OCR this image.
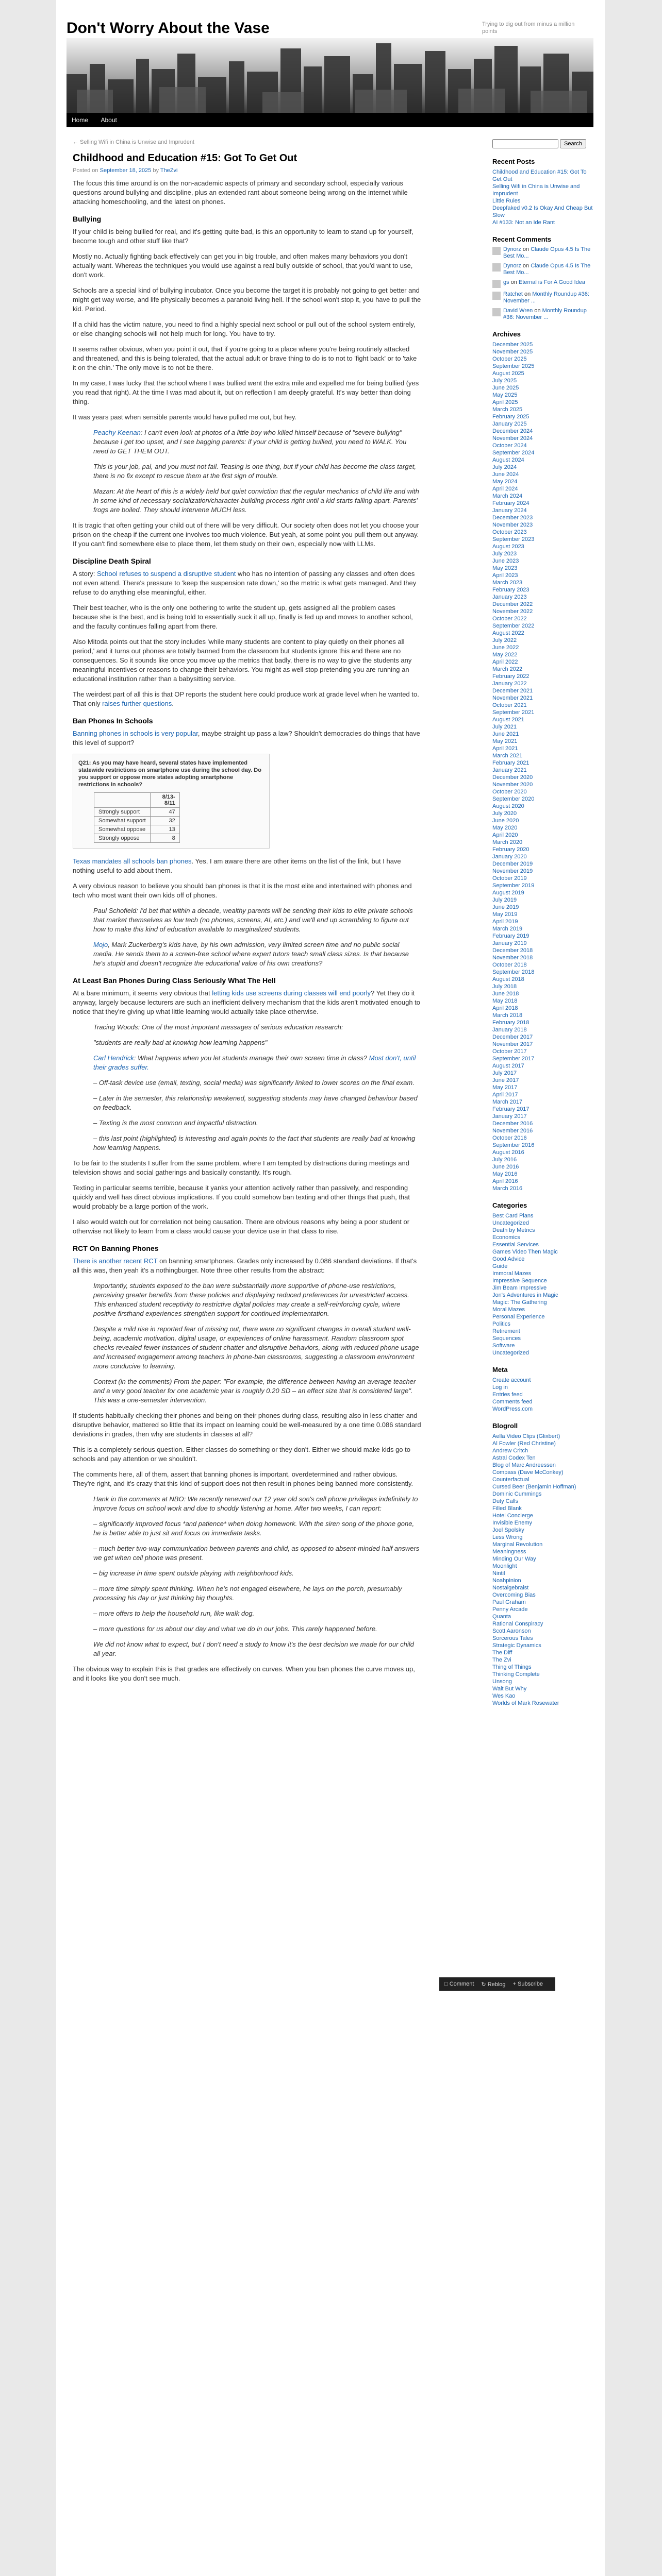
Don't Worry About the Vase	Trying to dig out from minus a million points
Home About
← Selling Wifi in China is Unwise and Imprudent
Childhood and Education #15: Got To Get Out
Posted on September 18, 2025 by TheZvi

The focus this time around is on the non-academic aspects of primary and secondary school, especially various questions around bullying and discipline, plus an extended rant about someone being wrong on the internet while attacking homeschooling, and the latest on phones.

Bullying

If your child is being bullied for real, and it's getting quite bad, is this an opportunity to learn to stand up for yourself, become tough and other stuff like that?

Mostly no. Actually fighting back effectively can get you in big trouble, and often makes many behaviors you don't actually want. Whereas the techniques you would use against a real bully outside of school, that you'd want to use, don't work.

Schools are a special kind of bullying incubator. Once you become the target it is probably not going to get better and might get way worse, and life physically becomes a paranoid living hell. If the school won't stop it, you have to pull the kid. Period.

If a child has the victim nature, you need to find a highly special next school or pull out of the school system entirely, or else changing schools will not help much for long. You have to try.

It seems rather obvious, when you point it out, that if you're going to a place where you're being routinely attacked and threatened, and this is being tolerated, that the actual adult or brave thing to do is to not to 'fight back' or to 'take it on the chin.' The only move is to not be there.

In my case, I was lucky that the school where I was bullied went the extra mile and expelled me for being bullied (yes you read that right). At the time I was mad about it, but on reflection I am deeply grateful. It's way better than doing thing.

It was years past when sensible parents would have pulled me out, but hey.

Peachy Keenan: I can't even look at photos of a little boy who killed himself because of "severe bullying" because I get too upset, and I see bagging parents: if your child is getting bullied, you need to WALK. You need to GET THEM OUT.

This is your job, pal, and you must not fail. Teasing is one thing, but if your child has become the class target, there is no fix except to rescue them at the first sign of trouble.

Mazan: At the heart of this is a widely held but quiet conviction that the regular mechanics of child life and with in some kind of necessary socialization/character-building process right until a kid starts falling apart. Parents' frogs are boiled. They should intervene MUCH less.

It is tragic that often getting your child out of there will be very difficult. Our society often does not let you choose your prison on the cheap if the current one involves too much violence. But yeah, at some point you pull them out anyway. If you can't find somewhere else to place them, let them study on their own, especially now with LLMs.

Discipline Death Spiral

A story: School refuses to suspend a disruptive student who has no intention of passing any classes and often does not even attend. There's pressure to 'keep the suspension rate down,' so the metric is what gets managed. And they refuse to do anything else meaningful, either.

Their best teacher, who is the only one bothering to write the student up, gets assigned all the problem cases because she is the best, and is being told to essentially suck it all up, finally is fed up and moves to another school, and the faculty continues falling apart from there.

Also Mitoda points out that the story includes 'while many students are content to play quietly on their phones all period,' and it turns out phones are totally banned from the classroom but students ignore this and there are no consequences. So it sounds like once you move up the metrics that badly, there is no way to give the students any meaningful incentives or reasons to change their behaviors. You might as well stop pretending you are running an educational institution rather than a babysitting service.

The weirdest part of all this is that OP reports the student here could produce work at grade level when he wanted to. That only raises further questions.

Ban Phones In Schools

Banning phones in schools is very popular, maybe straight up pass a law? Shouldn't democracies do things that have this level of support?

Q21: As you may have heard, several states have implemented statewide restrictions on smartphone use during the school day. Do you support or oppose more states adopting smartphone restrictions in schools?
	8/13-8/11
Strongly support	47
Somewhat support	32
Somewhat oppose	13
Strongly oppose	8

Texas mandates all schools ban phones. Yes, I am aware there are other items on the list of the link, but I have nothing useful to add about them.

A very obvious reason to believe you should ban phones is that it is the most elite and intertwined with phones and tech who most want their own kids off of phones.

Paul Schofield: I'd bet that within a decade, wealthy parents will be sending their kids to elite private schools that market themselves as low tech (no phones, screens, AI, etc.) and we'll end up scrambling to figure out how to make this kind of education available to marginalized students.

Mojo, Mark Zuckerberg's kids have, by his own admission, very limited screen time and no public social media. He sends them to a screen-free school where expert tutors teach small class sizes. Is that because he's stupid and doesn't recognize the educational value of his own creations?

At Least Ban Phones During Class Seriously What The Hell

At a bare minimum, it seems very obvious that letting kids use screens during classes will end poorly? Yet they do it anyway, largely because lecturers are such an inefficient delivery mechanism that the kids aren't motivated enough to notice that they're giving up what little learning would actually take place otherwise.

Tracing Woods: One of the most important messages of serious education research:

"students are really bad at knowing how learning happens"

Carl Hendrick: What happens when you let students manage their own screen time in class? Most don't, until their grades suffer.

– Off-task device use (email, texting, social media) was significantly linked to lower scores on the final exam.

– Later in the semester, this relationship weakened, suggesting students may have changed behaviour based on feedback.

– Texting is the most common and impactful distraction.

– this last point (highlighted) is interesting and again points to the fact that students are really bad at knowing how learning happens.

To be fair to the students I suffer from the same problem, where I am tempted by distractions during meetings and television shows and social gatherings and basically constantly. It's rough.

Texting in particular seems terrible, because it yanks your attention actively rather than passively, and responding quickly and well has direct obvious implications. If you could somehow ban texting and other things that push, that would probably be a large portion of the work.

I also would watch out for correlation not being causation. There are obvious reasons why being a poor student or otherwise not likely to learn from a class would cause your device use in that class to rise.

RCT On Banning Phones

There is another recent RCT on banning smartphones. Grades only increased by 0.086 standard deviations. If that's all this was, then yeah it's a nothingburger. Note three other results from the abstract:

Importantly, students exposed to the ban were substantially more supportive of phone-use restrictions, perceiving greater benefits from these policies and displaying reduced preferences for unrestricted access. This enhanced student receptivity to restrictive digital policies may create a self-reinforcing cycle, where positive firsthand experiences strengthen support for continued implementation.

Despite a mild rise in reported fear of missing out, there were no significant changes in overall student well-being, academic motivation, digital usage, or experiences of online harassment. Random classroom spot checks revealed fewer instances of student chatter and disruptive behaviors, along with reduced phone usage and increased engagement among teachers in phone-ban classrooms, suggesting a classroom environment more conducive to learning.

Context (in the comments) From the paper: "For example, the difference between having an average teacher and a very good teacher for one academic year is roughly 0.20 SD – an effect size that is considered large". This was a one-semester intervention.

If students habitually checking their phones and being on their phones during class, resulting also in less chatter and disruptive behavior, mattered so little that its impact on learning could be well-measured by a one time 0.086 standard deviations in grades, then why are students in classes at all?

This is a completely serious question. Either classes do something or they don't. Either we should make kids go to schools and pay attention or we shouldn't.

The comments here, all of them, assert that banning phones is important, overdetermined and rather obvious. They're right, and it's crazy that this kind of support does not then result in phones being banned more consistently.

Hank in the comments at NBO: We recently renewed our 12 year old son's cell phone privileges indefinitely to improve focus on school work and due to shoddy listening at home. After two weeks, I can report:

– significantly improved focus *and patience* when doing homework. With the siren song of the phone gone, he is better able to just sit and focus on immediate tasks.

– much better two-way communication between parents and child, as opposed to absent-minded half answers we get when cell phone was present.

– big increase in time spent outside playing with neighborhood kids.

– more time simply spent thinking. When he's not engaged elsewhere, he lays on the porch, presumably processing his day or just thinking big thoughts.

– more offers to help the household run, like walk dog.

– more questions for us about our day and what we do in our jobs. This rarely happened before.

We did not know what to expect, but I don't need a study to know it's the best decision we made for our child all year.

The obvious way to explain this is that grades are effectively on curves. When you ban phones the curve moves up, and it looks like you don't see much.

Search
Recent Posts
Childhood and Education #15: Got To Get Out
Selling Wifi in China is Unwise and Imprudent
Little Rules
Deepfaked v0.2 Is Okay And Cheap But Slow
AI #133: Not an Ide Rant
Recent Comments
Dynorz on Claude Opus 4.5 Is The Best Mo...
Dynorz on Claude Opus 4.5 Is The Best Mo...
gs on Eternal is For A Good Idea
Ratchet on Monthly Roundup #36: November ...
David Wren on Monthly Roundup #36: November ...
Archives
December 2025
November 2025
October 2025
September 2025
August 2025
July 2025
June 2025
May 2025
April 2025
March 2025
February 2025
January 2025
December 2024
November 2024
October 2024
September 2024
August 2024
July 2024
June 2024
May 2024
April 2024
March 2024
February 2024
January 2024
December 2023
November 2023
October 2023
September 2023
August 2023
July 2023
June 2023
May 2023
April 2023
March 2023
February 2023
January 2023
December 2022
November 2022
October 2022
September 2022
August 2022
July 2022
June 2022
May 2022
April 2022
March 2022
February 2022
January 2022
December 2021
November 2021
October 2021
September 2021
August 2021
July 2021
June 2021
May 2021
April 2021
March 2021
February 2021
January 2021
December 2020
November 2020
October 2020
September 2020
August 2020
July 2020
June 2020
May 2020
April 2020
March 2020
February 2020
January 2020
December 2019
November 2019
October 2019
September 2019
August 2019
July 2019
June 2019
May 2019
April 2019
March 2019
February 2019
January 2019
December 2018
November 2018
October 2018
September 2018
August 2018
July 2018
June 2018
May 2018
April 2018
March 2018
February 2018
January 2018
December 2017
November 2017
October 2017
September 2017
August 2017
July 2017
June 2017
May 2017
April 2017
March 2017
February 2017
January 2017
December 2016
November 2016
October 2016
September 2016
August 2016
July 2016
June 2016
May 2016
April 2016
March 2016
Categories
Best Card Plans
Uncategorized
Death by Metrics
Economics
Essential Services
Games Video Then Magic
Good Advice
Guide
Immoral Mazes
Impressive Sequence
Jim Beam Impressive
Jon's Adventures in Magic
Magic: The Gathering
Moral Mazes
Personal Experience
Politics
Retirement
Sequences
Software
Uncategorized
Meta
Create account
Log in
Entries feed
Comments feed
WordPress.com
Blogroll
Aella Video Clips (Glixbert)
Al Fowler (Red Christine)
Andrew Critch
Astral Codex Ten
Blog of Marc Andreessen
Compass (Dave McConkey)
Counterfactual
Cursed Beer (Benjamin Hoffman)
Dominic Cummings
Duty Calls
Filled Blank
Hotel Concierge
Invisible Enemy
Joel Spolsky
Less Wrong
Marginal Revolution
Meaningness
Minding Our Way
Moonlight
Nintil
Noahpinion
Nostalgebraist
Overcoming Bias
Paul Graham
Penny Arcade
Quanta
Rational Conspiracy
Scott Aaronson
Sorcerous Tales
Strategic Dynamics
The Diff
The Zvi
Thing of Things
Thinking Complete
Unsong
Wait But Why
Wes Kao
Worlds of Mark Rosewater
□ Comment ↻ Reblog + Subscribe
